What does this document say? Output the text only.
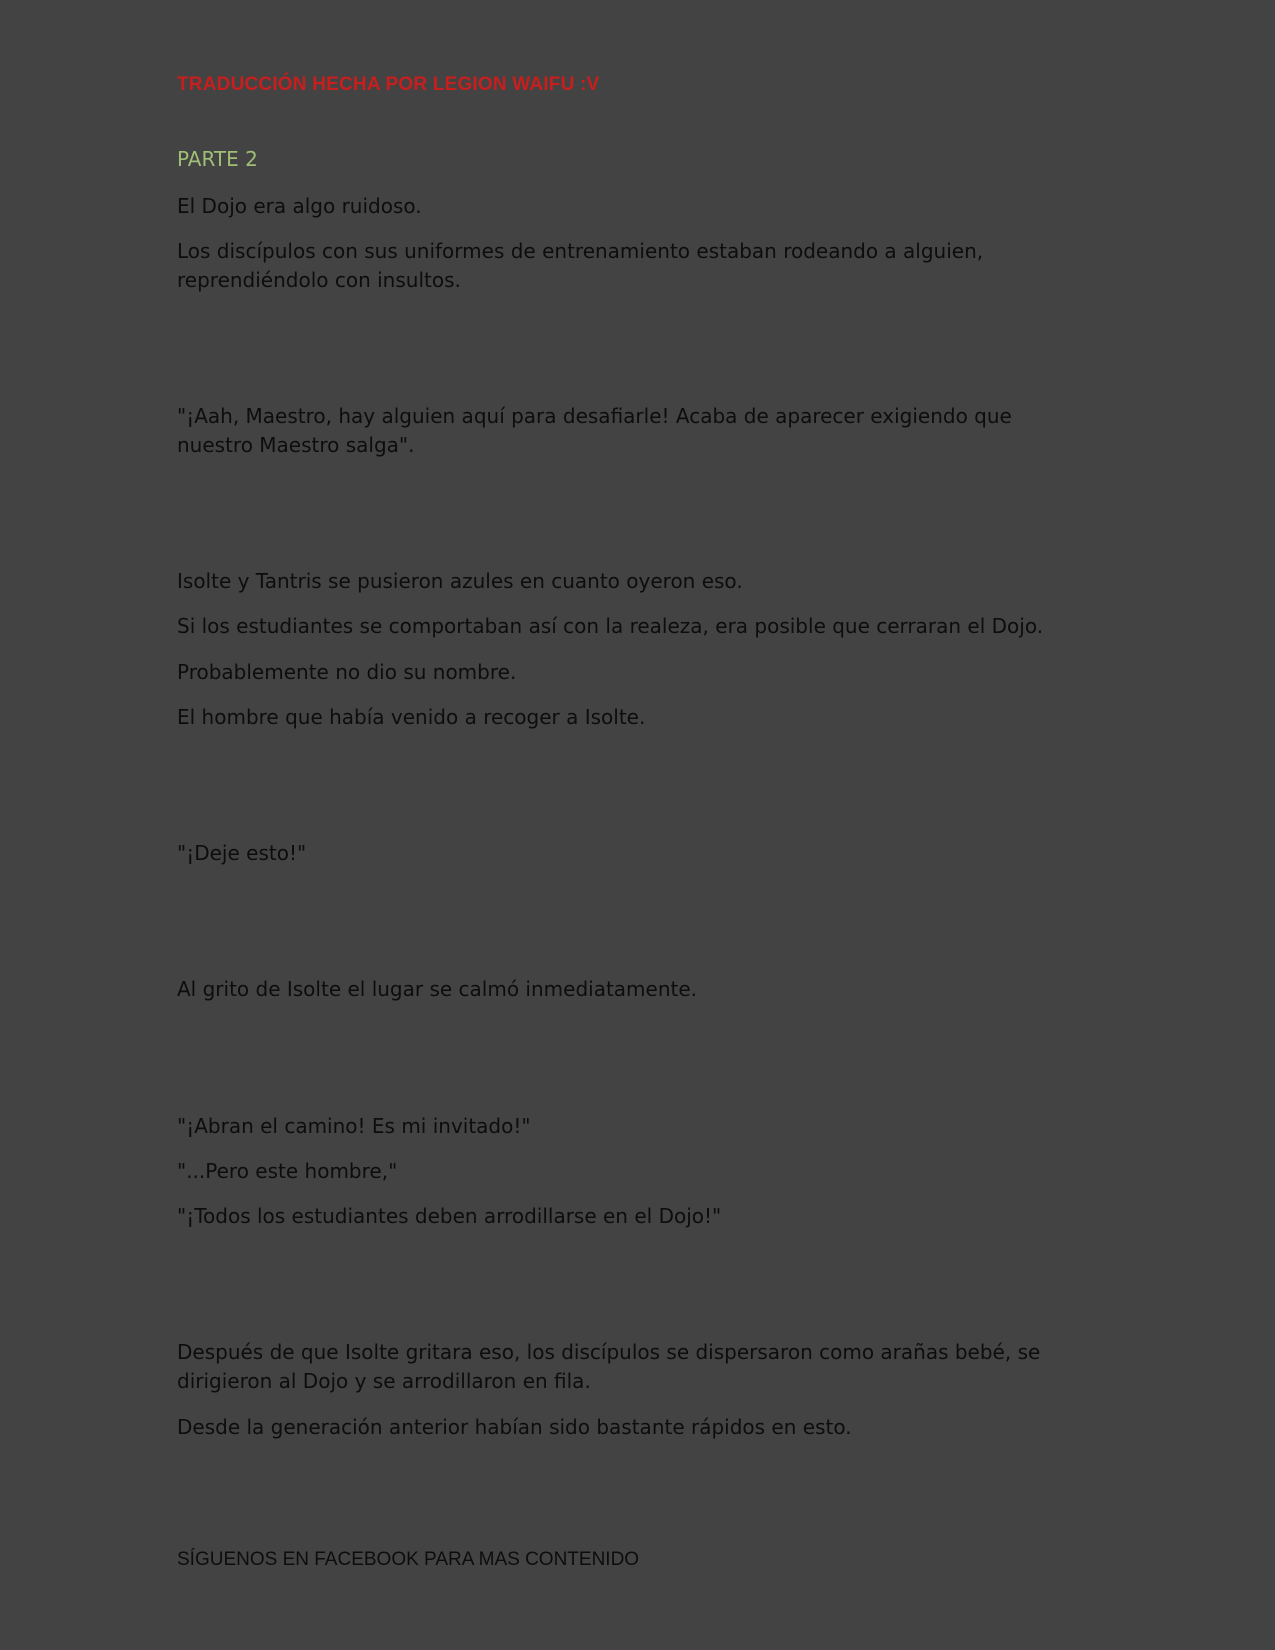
TRADUCCIÓN HECHA POR LEGION WAIFU :V
PARTE 2

El Dojo era algo ruidoso.

Los discípulos con sus uniformes de entrenamiento estaban rodeando a alguien, reprendiéndolo con insultos.

"¡Aah, Maestro, hay alguien aquí para desafiarle! Acaba de aparecer exigiendo que nuestro Maestro salga".

Isolte y Tantris se pusieron azules en cuanto oyeron eso.

Si los estudiantes se comportaban así con la realeza, era posible que cerraran el Dojo.

Probablemente no dio su nombre.

El hombre que había venido a recoger a Isolte.

"¡Deje esto!"

Al grito de Isolte el lugar se calmó inmediatamente.

"¡Abran el camino! Es mi invitado!"

"...Pero este hombre,"

"¡Todos los estudiantes deben arrodillarse en el Dojo!"

Después de que Isolte gritara eso, los discípulos se dispersaron como arañas bebé, se dirigieron al Dojo y se arrodillaron en fila.

Desde la generación anterior habían sido bastante rápidos en esto.

SÍGUENOS EN FACEBOOK PARA MAS CONTENIDO
